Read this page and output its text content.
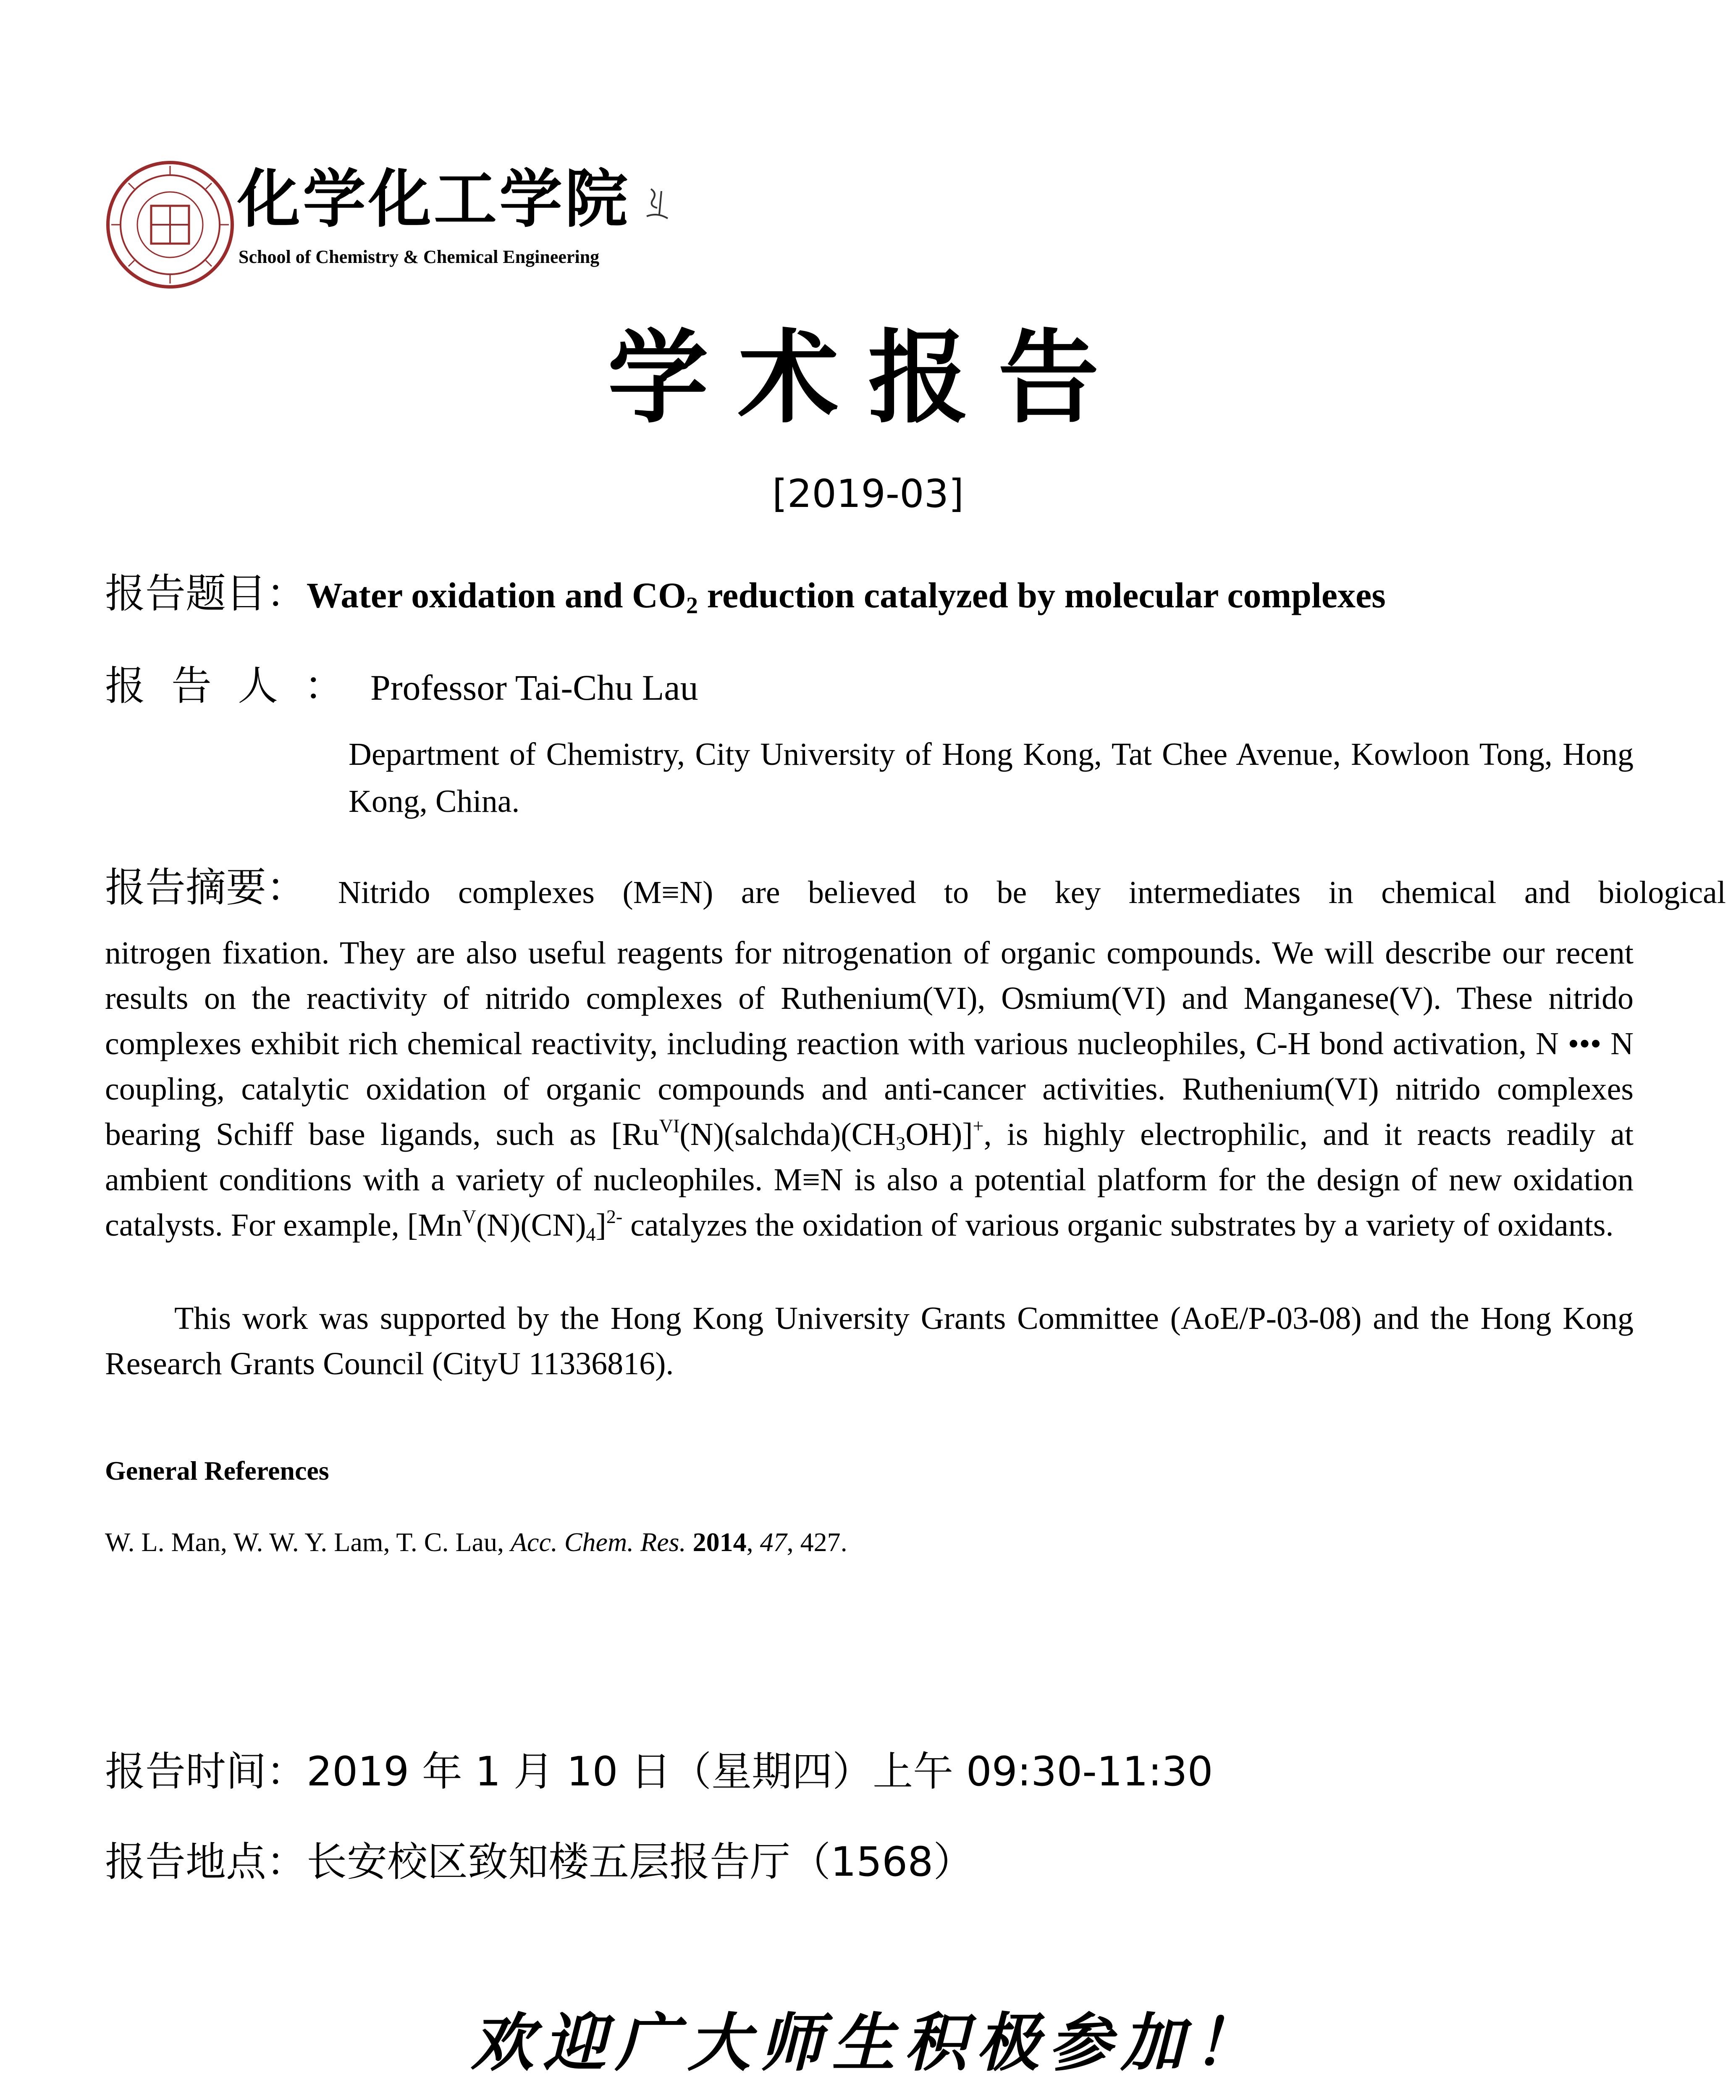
化学化工学院
School of Chemistry & Chemical Engineering
学术报告
[2019-03]
报告题目：Water oxidation and $CO_2$ reduction catalyzed by molecular complexes
报告人：Professor Tai-Chu Lau
Department of Chemistry, City University of Hong Kong, Tat Chee Avenue, Kowloon Tong, Hong Kong, China.
报告摘要： Nitrido complexes (M≡N) are believed to be key intermediates in chemical and biological
nitrogen fixation. They are also useful reagents for nitrogenation of organic compounds. We will describe our recent results on the reactivity of nitrido complexes of Ruthenium(VI), Osmium(VI) and Manganese(V). These nitrido complexes exhibit rich chemical reactivity, including reaction with various nucleophiles, C-H bond activation, N ••• N coupling, catalytic oxidation of organic compounds and anti-cancer activities. Ruthenium(VI) nitrido complexes bearing Schiff base ligands, such as $[Ru^{VI}(N)(salchda)(CH_3OH)]^+$, is highly electrophilic, and it reacts readily at ambient conditions with a variety of nucleophiles. M≡N is also a potential platform for the design of new oxidation catalysts. For example, $[Mn^V(N)(CN)_4]^{2-}$ catalyzes the oxidation of various organic substrates by a variety of oxidants.
This work was supported by the Hong Kong University Grants Committee (AoE/P-03-08) and the Hong Kong Research Grants Council (CityU 11336816).
General References
W. L. Man, W. W. Y. Lam, T. C. Lau, Acc. Chem. Res. 2014, 47, 427.
报告时间：2019 年 1 月 10 日（星期四）上午 09:30-11:30
报告地点：长安校区致知楼五层报告厅（1568）
欢迎广大师生积极参加！
